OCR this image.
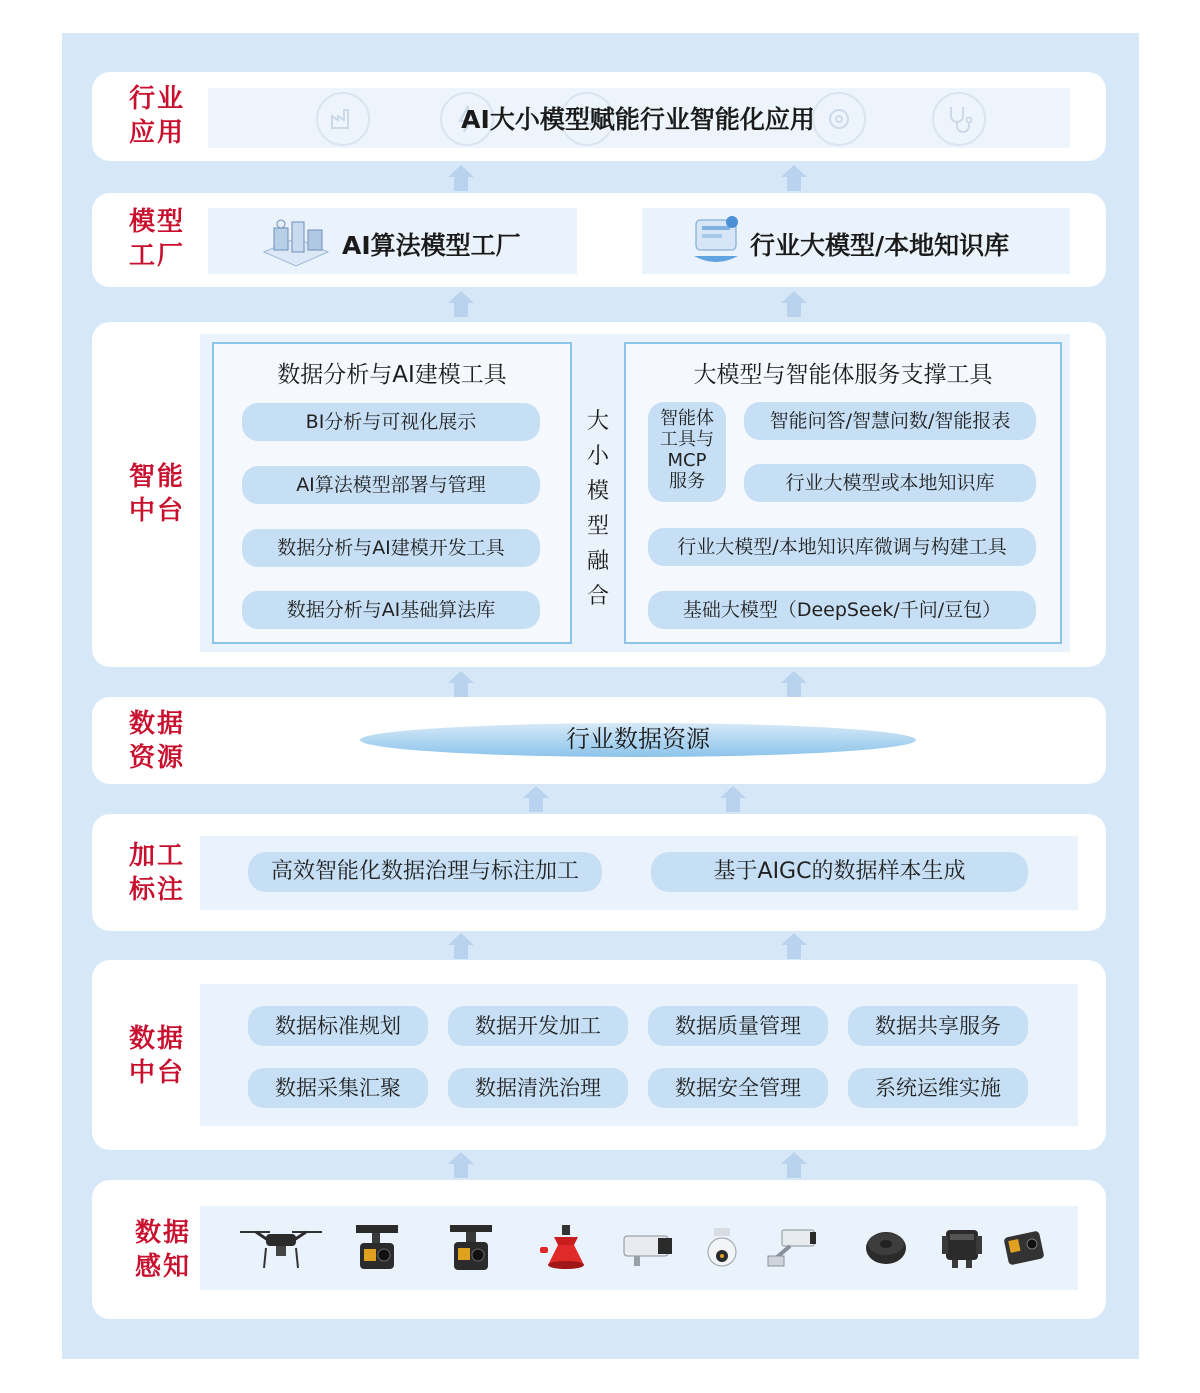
行业
应用	AI大小模型赋能行业智能化应用
模型
工厂	AI算法模型工厂	行业大模型/本地知识库
智能
中台
数据分析与AI建模工具
BI分析与可视化展示
AI算法模型部署与管理
数据分析与AI建模开发工具
数据分析与AI基础算法库
大
小
模
型
融
合
大模型与智能体服务支撑工具
智能体
工具与
MCP
服务
智能问答/智慧问数/智能报表
行业大模型或本地知识库
行业大模型/本地知识库微调与构建工具
基础大模型（DeepSeek/千问/豆包）
数据
资源
行业数据资源
加工
标注
高效智能化数据治理与标注加工	基于AIGC的数据样本生成
数据
中台
数据标准规划	数据开发加工	数据质量管理	数据共享服务
数据采集汇聚	数据清洗治理	数据安全管理	系统运维实施
数据
感知
